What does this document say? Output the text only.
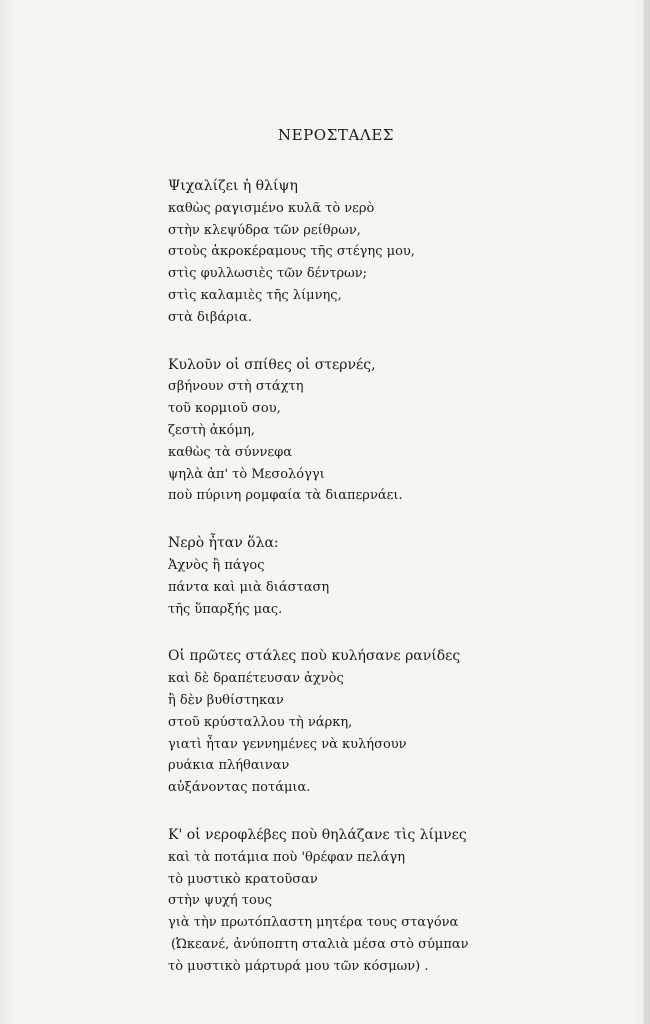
ΝΕΡΟΣΤΑΛΕΣ
Ψιχαλίζει ἡ θλίψη
καθὼς ραγισμένο κυλᾶ τὸ νερὸ
στὴν κλεψύδρα τῶν ρείθρων,
στοὺς ἀκροκέραμους τῆς στέγης μου,
στὶς φυλλωσιὲς τῶν δέντρων;
στὶς καλαμιὲς τῆς λίμνης,
στὰ διβάρια.
Κυλοῦν οἱ σπίθες οἱ στερνές,
σβήνουν στὴ στάχτη
τοῦ κορμιοῦ σου,
ζεστὴ ἀκόμη,
καθὼς τὰ σύννεφα
ψηλὰ ἀπ' τὸ Μεσολόγγι
ποὺ πύρινη ρομφαία τὰ διαπερνάει.
Νερὸ ἦταν ὅλα:
Ἀχνὸς ἢ πάγος
πάντα καὶ μιὰ διάσταση
τῆς ὕπαρξής μας.
Οἱ πρῶτες στάλες ποὺ κυλήσανε ρανίδες
καὶ δὲ δραπέτευσαν ἀχνὸς
ἢ δὲν βυθίστηκαν
στοῦ κρύσταλλου τὴ νάρκη,
γιατὶ ἦταν γεννημένες νὰ κυλήσουν
ρυάκια πλήθαιναν
αὐξάνοντας ποτάμια.
Κ' οἱ νεροφλέβες ποὺ θηλάζανε τὶς λίμνες
καὶ τὰ ποτάμια ποὺ 'θρέφαν πελάγη
τὸ μυστικὸ κρατοῦσαν
στὴν ψυχή τους
γιὰ τὴν πρωτόπλαστη μητέρα τους σταγόνα
(Ὠκεανέ, ἀνύποπτη σταλιὰ μέσα στὸ σύμπαν
τὸ μυστικὸ μάρτυρά μου τῶν κόσμων) .
